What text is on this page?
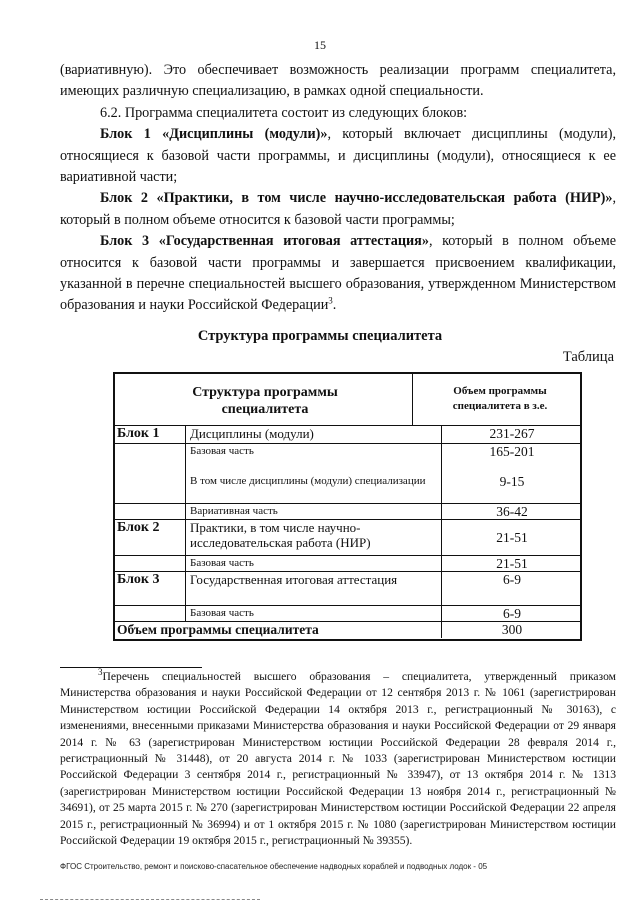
15

(вариативную). Это обеспечивает возможность реализации программ специалитета, имеющих различную специализацию, в рамках одной специальности.

6.2. Программа специалитета состоит из следующих блоков:

Блок 1 «Дисциплины (модули)», который включает дисциплины (модули), относящиеся к базовой части программы, и дисциплины (модули), относящиеся к ее вариативной части;

Блок 2 «Практики, в том числе научно-исследовательская работа (НИР)», который в полном объеме относится к базовой части программы;

Блок 3 «Государственная итоговая аттестация», который в полном объеме относится к базовой части программы и завершается присвоением квалификации, указанной в перечне специальностей высшего образования, утвержденном Министерством образования и науки Российской Федерации$^3$.

Структура программы специалитета
Таблица
Структура программы специалитета
Объем программы специалитета в з.е.
Блок 1	Дисциплины (модули)	231-267
	Базовая часть	165-201
	В том числе дисциплины (модули) специализации	9-15
	Вариативная часть	36-42
Блок 2	Практики, в том числе научно-исследовательская работа (НИР)	21-51
	Базовая часть	21-51
Блок 3	Государственная итоговая аттестация	6-9
	Базовая часть	6-9
Объем программы специалитета		300
$^3$Перечень специальностей высшего образования – специалитета, утвержденный приказом Министерства образования и науки Российской Федерации от 12 сентября 2013 г. № 1061 (зарегистрирован Министерством юстиции Российской Федерации 14 октября 2013 г., регистрационный № 30163), с изменениями, внесенными приказами Министерства образования и науки Российской Федерации от 29 января 2014 г. № 63 (зарегистрирован Министерством юстиции Российской Федерации 28 февраля 2014 г., регистрационный № 31448), от 20 августа 2014 г. № 1033 (зарегистрирован Министерством юстиции Российской Федерации 3 сентября 2014 г., регистрационный № 33947), от 13 октября 2014 г. № 1313 (зарегистрирован Министерством юстиции Российской Федерации 13 ноября 2014 г., регистрационный № 34691), от 25 марта 2015 г. № 270 (зарегистрирован Министерством юстиции Российской Федерации 22 апреля 2015 г., регистрационный № 36994) и от 1 октября 2015 г. № 1080 (зарегистрирован Министерством юстиции Российской Федерации 19 октября 2015 г., регистрационный № 39355).
ФГОС Строительство, ремонт и поисково-спасательное обеспечение надводных кораблей и подводных лодок - 05
